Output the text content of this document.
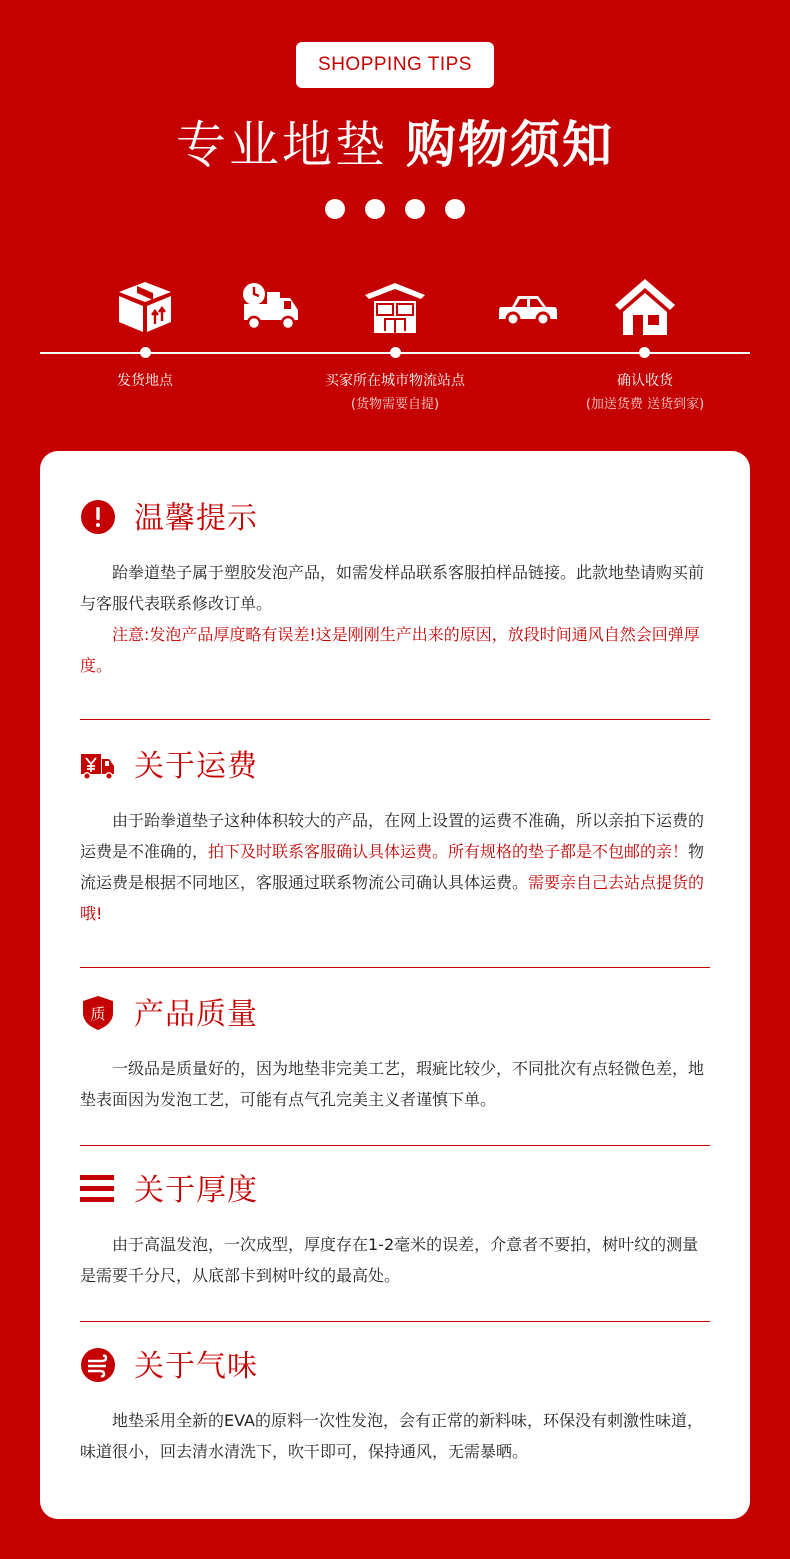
SHOPPING TIPS
专业地垫 购物须知
发货地点	买家所在城市物流站点
(货物需要自提)
确认收货
(加送货费 送货到家)
温馨提示
跆拳道垫子属于塑胶发泡产品，如需发样品联系客服拍样品链接。此款地垫请购买前与客服代表联系修改订单。
注意:发泡产品厚度略有误差!这是刚刚生产出来的原因，放段时间通风自然会回弹厚度。
关于运费
由于跆拳道垫子这种体积较大的产品，在网上设置的运费不准确，所以亲拍下运费的运费是不准确的，拍下及时联系客服确认具体运费。所有规格的垫子都是不包邮的亲！物流运费是根据不同地区，客服通过联系物流公司确认具体运费。需要亲自己去站点提货的哦!
质 产品质量
一级品是质量好的，因为地垫非完美工艺，瑕疵比较少，不同批次有点轻微色差，地垫表面因为发泡工艺，可能有点气孔完美主义者谨慎下单。
关于厚度
由于高温发泡，一次成型，厚度存在1-2毫米的误差，介意者不要拍，树叶纹的测量是需要千分尺，从底部卡到树叶纹的最高处。
关于气味
地垫采用全新的EVA的原料一次性发泡，会有正常的新料味，环保没有刺激性味道，味道很小，回去清水清洗下，吹干即可，保持通风，无需暴晒。
